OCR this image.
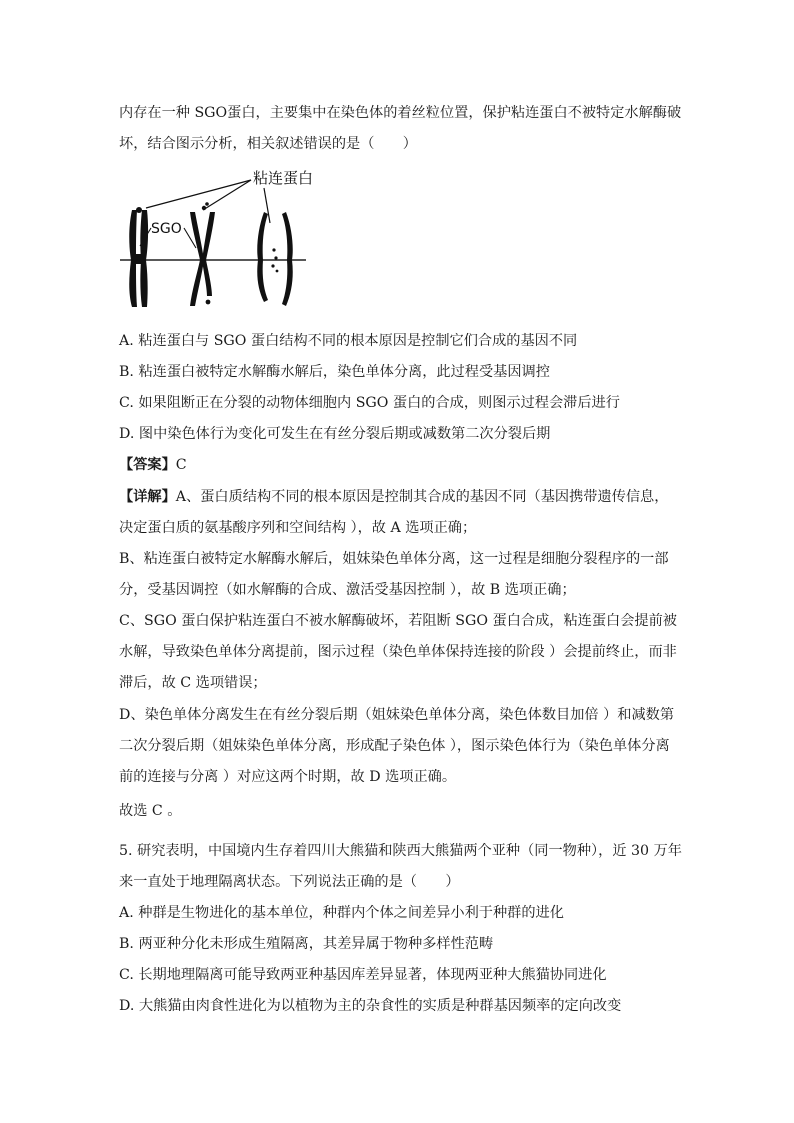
内存在一种 SGO蛋白，主要集中在染色体的着丝粒位置，保护粘连蛋白不被特定水解酶破
坏，结合图示分析，相关叙述错误的是（　　）
粘连蛋白
SGO
A. 粘连蛋白与 SGO 蛋白结构不同的根本原因是控制它们合成的基因不同
B. 粘连蛋白被特定水解酶水解后，染色单体分离，此过程受基因调控
C. 如果阻断正在分裂的动物体细胞内 SGO 蛋白的合成，则图示过程会滞后进行
D. 图中染色体行为变化可发生在有丝分裂后期或减数第二次分裂后期
【答案】C
【详解】A、蛋白质结构不同的根本原因是控制其合成的基因不同（基因携带遗传信息，
决定蛋白质的氨基酸序列和空间结构 ），故 A 选项正确；
B、粘连蛋白被特定水解酶水解后，姐妹染色单体分离，这一过程是细胞分裂程序的一部
分，受基因调控（如水解酶的合成、激活受基因控制 ），故 B 选项正确；
C、SGO 蛋白保护粘连蛋白不被水解酶破坏，若阻断 SGO 蛋白合成，粘连蛋白会提前被
水解，导致染色单体分离提前，图示过程（染色单体保持连接的阶段 ）会提前终止，而非
滞后，故 C 选项错误；
D、染色单体分离发生在有丝分裂后期（姐妹染色单体分离，染色体数目加倍 ）和减数第
二次分裂后期（姐妹染色单体分离，形成配子染色体 ），图示染色体行为（染色单体分离
前的连接与分离 ）对应这两个时期，故 D 选项正确。
故选 C 。
5. 研究表明，中国境内生存着四川大熊猫和陕西大熊猫两个亚种（同一物种），近 30 万年
来一直处于地理隔离状态。下列说法正确的是（　　）
A. 种群是生物进化的基本单位，种群内个体之间差异小利于种群的进化
B. 两亚种分化未形成生殖隔离，其差异属于物种多样性范畴
C. 长期地理隔离可能导致两亚种基因库差异显著，体现两亚种大熊猫协同进化
D. 大熊猫由肉食性进化为以植物为主的杂食性的实质是种群基因频率的定向改变
